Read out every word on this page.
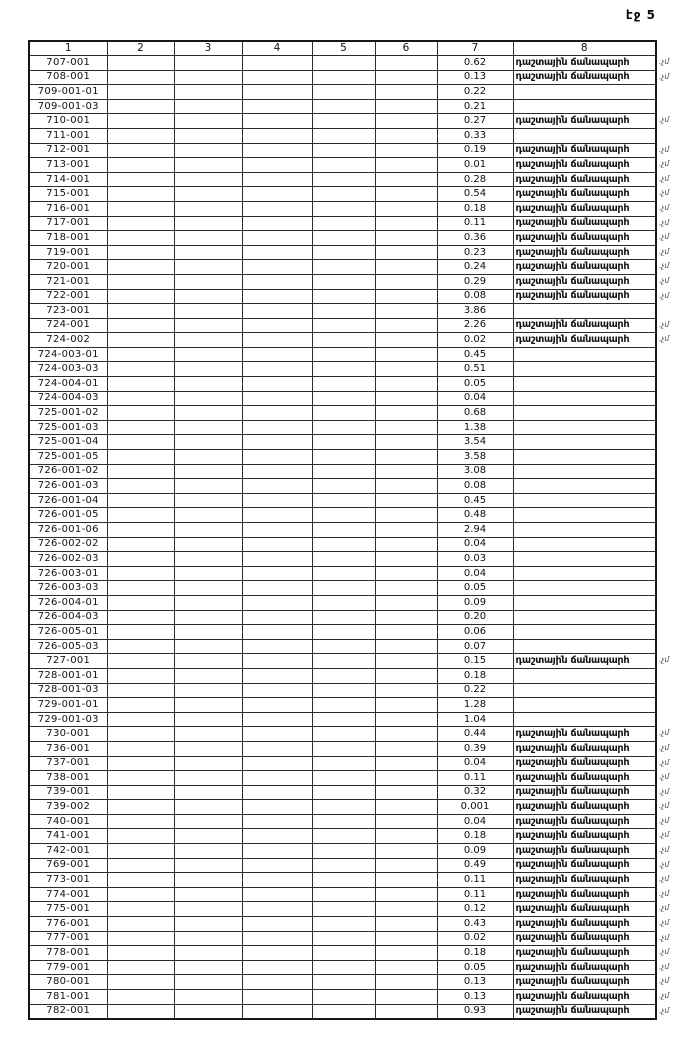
էջ 5
1	2	3	4	5	6	7	8
707-001						0.62	դաշտային ճանապարհ .չմ

708-001						0.13	դաշտային ճանապարհ .չմ

709-001-01						0.22	
709-001-03						0.21	
710-001						0.27	դաշտային ճանապարհ .չմ

711-001						0.33	
712-001						0.19	դաշտային ճանապարհ .չմ

713-001						0.01	դաշտային ճանապարհ .չմ

714-001						0.28	դաշտային ճանապարհ .չմ

715-001						0.54	դաշտային ճանապարհ .չմ

716-001						0.18	դաշտային ճանապարհ .չմ

717-001						0.11	դաշտային ճանապարհ .չմ

718-001						0.36	դաշտային ճանապարհ .չմ

719-001						0.23	դաշտային ճանապարհ .չմ

720-001						0.24	դաշտային ճանապարհ .չմ

721-001						0.29	դաշտային ճանապարհ .չմ

722-001						0.08	դաշտային ճանապարհ .չմ

723-001						3.86	
724-001						2.26	դաշտային ճանապարհ .չմ

724-002						0.02	դաշտային ճանապարհ .չմ

724-003-01						0.45	
724-003-03						0.51	
724-004-01						0.05	
724-004-03						0.04	
725-001-02						0.68	
725-001-03						1.38	
725-001-04						3.54	
725-001-05						3.58	
726-001-02						3.08	
726-001-03						0.08	
726-001-04						0.45	
726-001-05						0.48	
726-001-06						2.94	
726-002-02						0.04	
726-002-03						0.03	
726-003-01						0.04	
726-003-03						0.05	
726-004-01						0.09	
726-004-03						0.20	
726-005-01						0.06	
726-005-03						0.07	
727-001						0.15	դաշտային ճանապարհ .չմ

728-001-01						0.18	
728-001-03						0.22	
729-001-01						1.28	
729-001-03						1.04	
730-001						0.44	դաշտային ճանապարհ .չմ

736-001						0.39	դաշտային ճանապարհ .չմ

737-001						0.04	դաշտային ճանապարհ .չմ

738-001						0.11	դաշտային ճանապարհ .չմ

739-001						0.32	դաշտային ճանապարհ .չմ

739-002						0.001	դաշտային ճանապարհ .չմ

740-001						0.04	դաշտային ճանապարհ .չմ

741-001						0.18	դաշտային ճանապարհ .չմ

742-001						0.09	դաշտային ճանապարհ .չմ

769-001						0.49	դաշտային ճանապարհ .չմ

773-001						0.11	դաշտային ճանապարհ .չմ

774-001						0.11	դաշտային ճանապարհ .չմ

775-001						0.12	դաշտային ճանապարհ .չմ

776-001						0.43	դաշտային ճանապարհ .չմ

777-001						0.02	դաշտային ճանապարհ .չմ

778-001						0.18	դաշտային ճանապարհ .չմ

779-001						0.05	դաշտային ճանապարհ .չմ

780-001						0.13	դաշտային ճանապարհ .չմ

781-001						0.13	դաշտային ճանապարհ .չմ

782-001						0.93	դաշտային ճանապարհ .չմ
